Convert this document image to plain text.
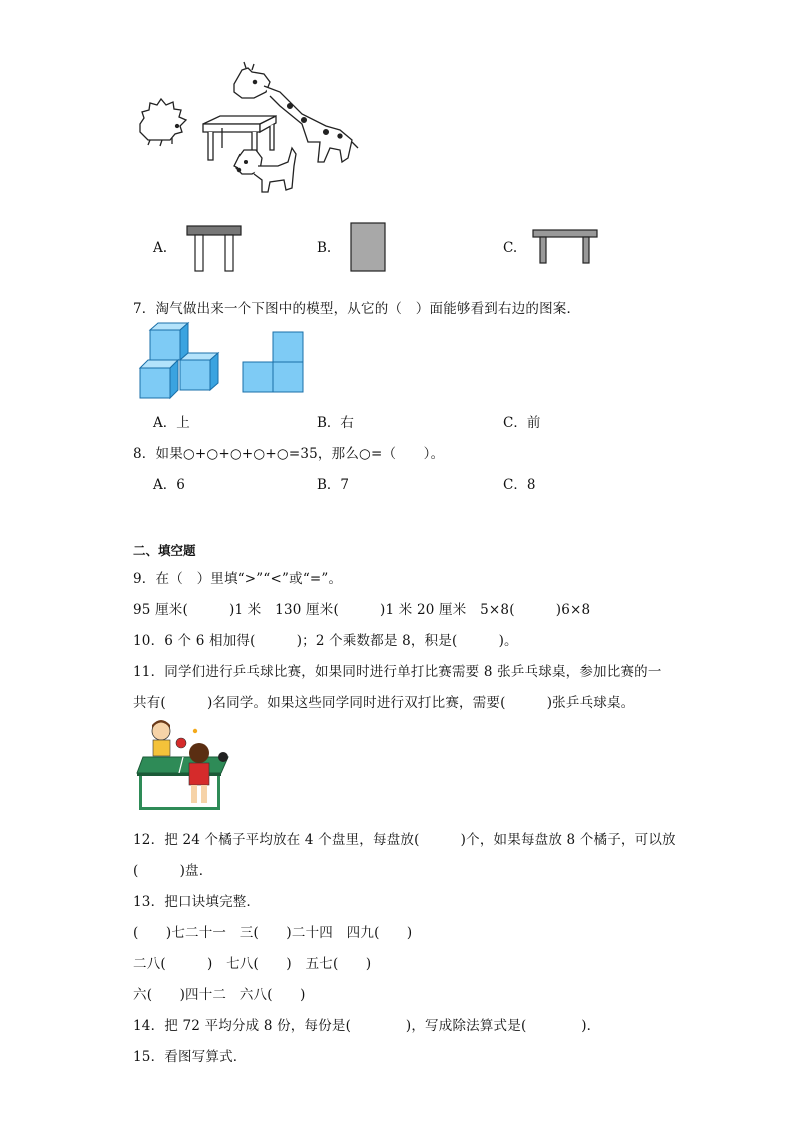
A.	B.	C.
7．淘气做出来一个下图中的模型，从它的（　）面能够看到右边的图案．
A．上	B．右	C．前
8．如果○+○+○+○+○=35，那么○=（　　）。
A．6	B．7	C．8
二、填空题
9．在（　）里填“>”“<”或“=”。
95 厘米(　　　)1 米　130 厘米(　　　)1 米 20 厘米　5×8(　　　)6×8
10．6 个 6 相加得(　　　)；2 个乘数都是 8，积是(　　　)。
11．同学们进行乒乓球比赛，如果同时进行单打比赛需要 8 张乒乓球桌，参加比赛的一
共有(　　　)名同学。如果这些同学同时进行双打比赛，需要(　　　)张乒乓球桌。
12．把 24 个橘子平均放在 4 个盘里，每盘放(　　　)个，如果每盘放 8 个橘子，可以放
(　　　)盘．
13．把口诀填完整．
(　　)七二十一　三(　　)二十四　四九(　　)
二八(　　　)　七八(　　)　五七(　　)
六(　　)四十二　六八(　　)
14．把 72 平均分成 8 份，每份是(　　　　)，写成除法算式是(　　　　)．
15．看图写算式．
